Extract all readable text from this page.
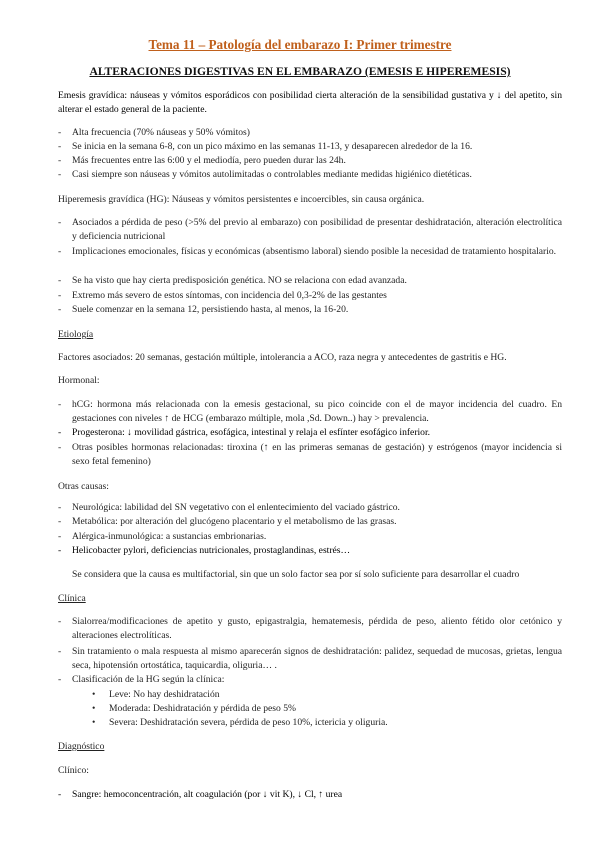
Tema 11 – Patología del embarazo I: Primer trimestre
ALTERACIONES DIGESTIVAS EN EL EMBARAZO (EMESIS E HIPEREMESIS)
Emesis gravídica: náuseas y vómitos esporádicos con posibilidad cierta alteración de la sensibilidad gustativa y ↓ del apetito, sin alterar el estado general de la paciente.
- Alta frecuencia (70% náuseas y 50% vómitos)
- Se inicia en la semana 6-8, con un pico máximo en las semanas 11-13, y desaparecen alrededor de la 16.
- Más frecuentes entre las 6:00 y el mediodía, pero pueden durar las 24h.
- Casi siempre son náuseas y vómitos autolimitadas o controlables mediante medidas higiénico dietéticas.
Hiperemesis gravídica (HG): Náuseas y vómitos persistentes e incoercibles, sin causa orgánica.
- Asociados a pérdida de peso (>5% del previo al embarazo) con posibilidad de presentar deshidratación, alteración electrolítica y deficiencia nutricional
- Implicaciones emocionales, físicas y económicas (absentismo laboral) siendo posible la necesidad de tratamiento hospitalario.
- Se ha visto que hay cierta predisposición genética. NO se relaciona con edad avanzada.
- Extremo más severo de estos síntomas, con incidencia del 0,3-2% de las gestantes
- Suele comenzar en la semana 12, persistiendo hasta, al menos, la 16-20.
Etiología
Factores asociados: 20 semanas, gestación múltiple, intolerancia a ACO, raza negra y antecedentes de gastritis e HG.
Hormonal:
- hCG: hormona más relacionada con la emesis gestacional, su pico coincide con el de mayor incidencia del cuadro. En gestaciones con niveles ↑ de HCG (embarazo múltiple, mola ,Sd. Down..) hay > prevalencia.
- Progesterona: ↓ movilidad gástrica, esofágica, intestinal y relaja el esfínter esofágico inferior.
- Otras posibles hormonas relacionadas: tiroxina (↑ en las primeras semanas de gestación) y estrógenos (mayor incidencia si sexo fetal femenino)
Otras causas:
- Neurológica: labilidad del SN vegetativo con el enlentecimiento del vaciado gástrico.
- Metabólica: por alteración del glucógeno placentario y el metabolismo de las grasas.
- Alérgica-inmunológica: a sustancias embrionarias.
- Helicobacter pylori, deficiencias nutricionales, prostaglandinas, estrés…
Se considera que la causa es multifactorial, sin que un solo factor sea por sí solo suficiente para desarrollar el cuadro
Clínica
- Sialorrea/modificaciones de apetito y gusto, epigastralgia, hematemesis, pérdida de peso, aliento fétido olor cetónico y alteraciones electrolíticas.
- Sin tratamiento o mala respuesta al mismo aparecerán signos de deshidratación: palidez, sequedad de mucosas, grietas, lengua seca, hipotensión ortostática, taquicardia, oliguria… .
- Clasificación de la HG según la clínica:
• Leve: No hay deshidratación
• Moderada: Deshidratación y pérdida de peso 5%
• Severa: Deshidratación severa, pérdida de peso 10%, ictericia y oliguria.
Diagnóstico
Clínico:
- Sangre: hemoconcentración, alt coagulación (por ↓ vit K), ↓ Cl, ↑ urea
